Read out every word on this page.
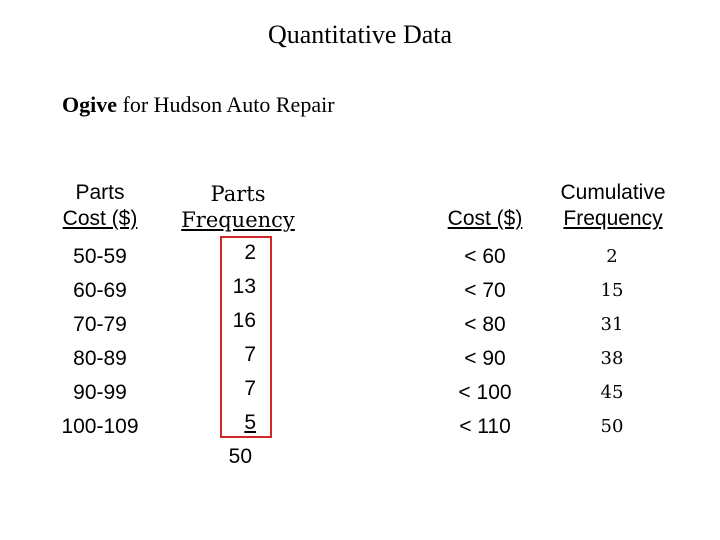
Quantitative Data
Ogive for Hudson Auto Repair
Parts
Cost ($)
Parts
Frequency
50-59
60-69
70-79
80-89
90-99
100-109
2
13
16
7
7
5
50
Cost ($)
Cumulative
Frequency
< 60
< 70
< 80
< 90
< 100
< 110
2
15
31
38
45
50
